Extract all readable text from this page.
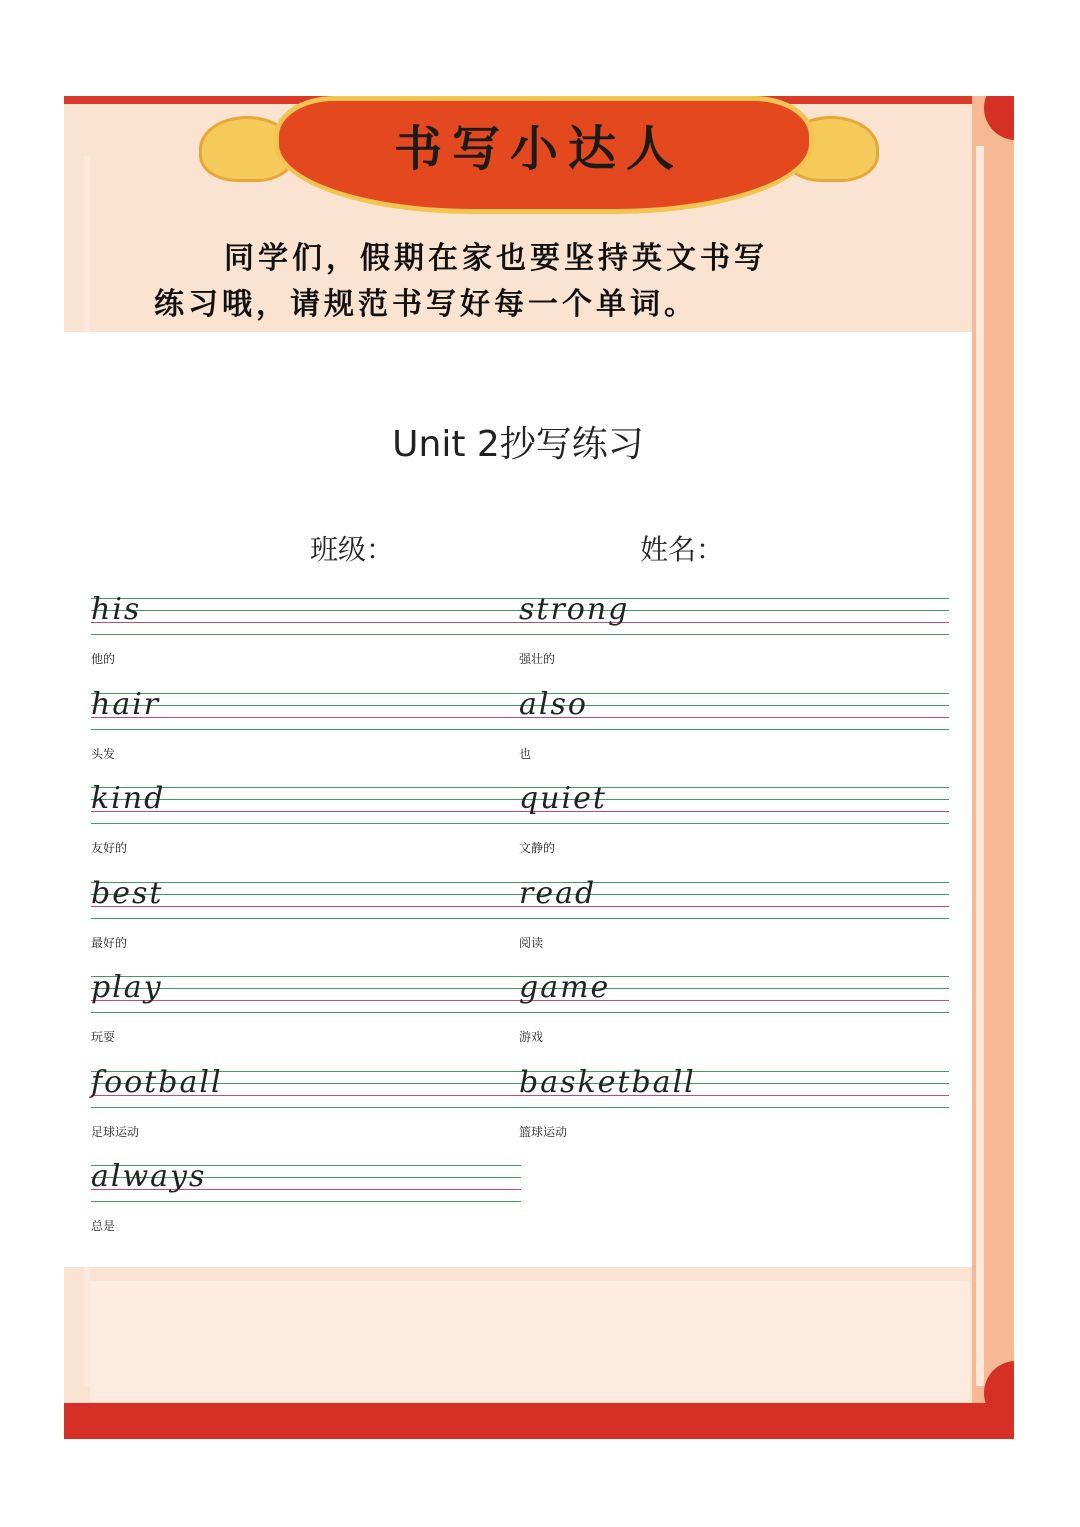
书写小达人
同学们，假期在家也要坚持英文书写
练习哦，请规范书写好每一个单词。
Unit 2抄写练习
班级：	姓名：
his
他的
strong
强壮的
hair
头发
also
也
kind
友好的
quiet
文静的
best
最好的
read
阅读
play
玩耍
game
游戏
football
足球运动
basketball
篮球运动
always
总是
